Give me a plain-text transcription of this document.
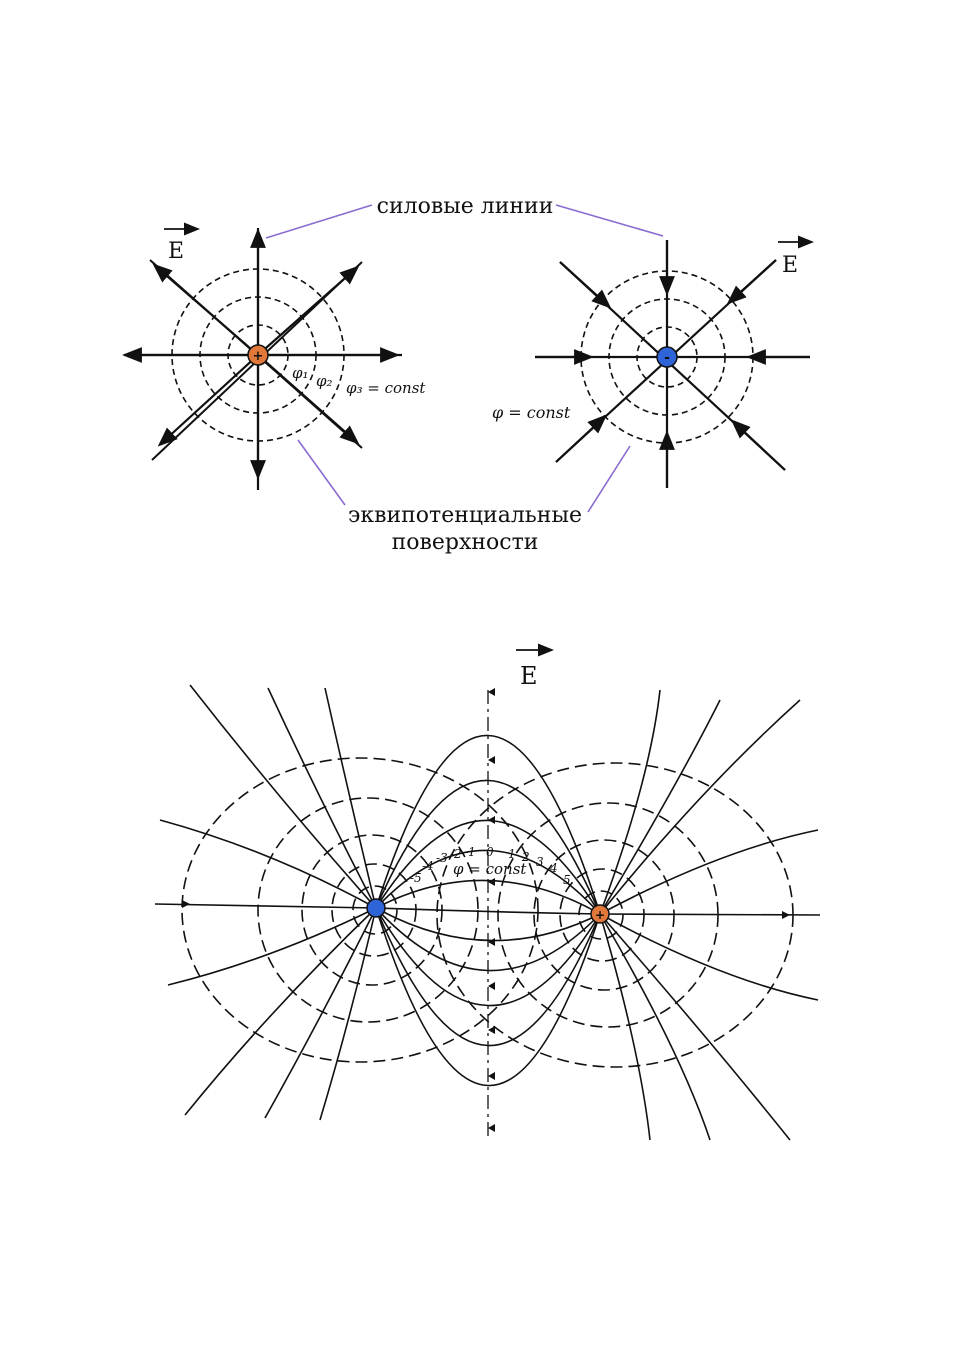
+
φ₁ φ₂ φ₃ = const
E
-
φ = const
E
силовые линии
эквипотенциальные
поверхности
E
-5
-4
-3 -2 -1 0 1 2 3 4
5
φ = const
+
